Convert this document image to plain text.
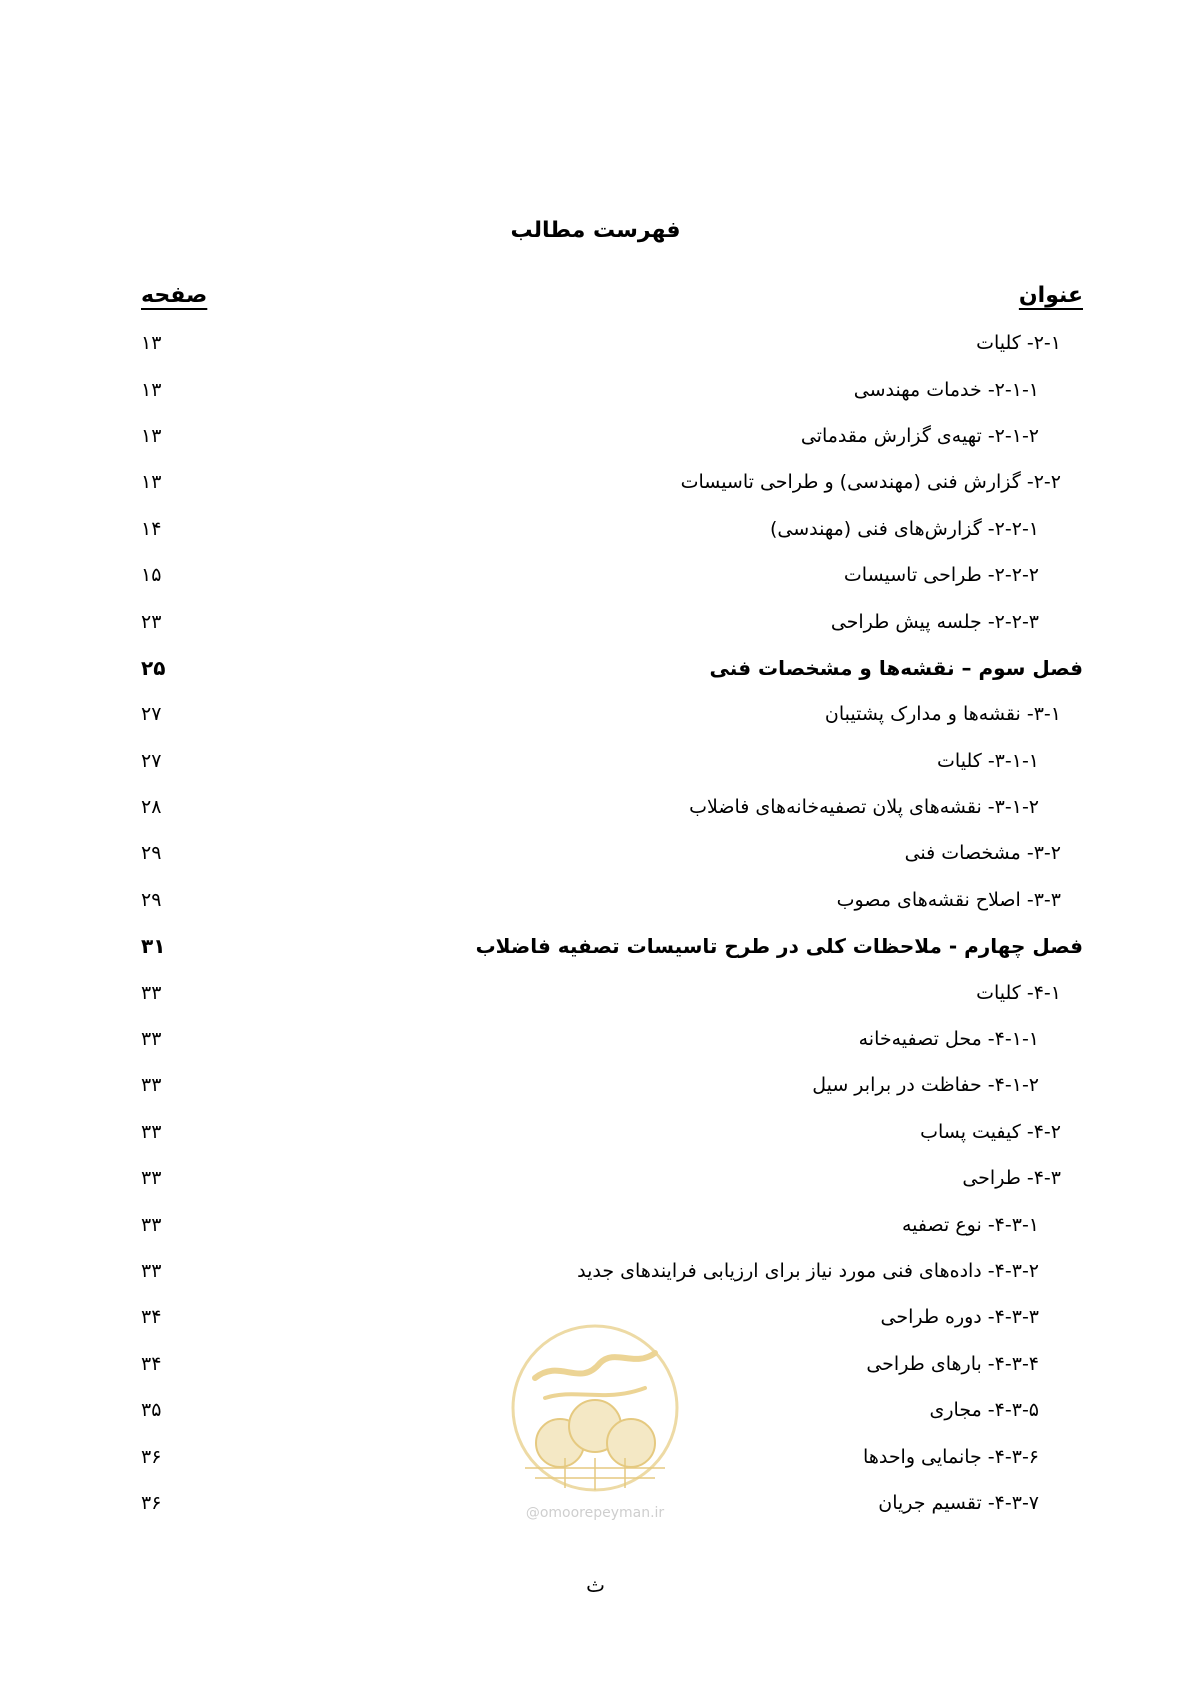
فهرست مطالب
عنوان
صفحه
۲-۱- کلیات
۱۳
۲-۱-۱- خدمات مهندسی
۱۳
۲-۱-۲- تهیه‌ی گزارش مقدماتی
۱۳
۲-۲- گزارش فنی (مهندسی) و طراحی تاسیسات
۱۳
۲-۲-۱- گزارش‌های فنی (مهندسی)
۱۴
۲-۲-۲- طراحی تاسیسات
۱۵
۲-۲-۳- جلسه پیش طراحی
۲۳
فصل سوم – نقشه‌ها و مشخصات فنی
۲۵
۳-۱- نقشه‌ها و مدارک پشتیبان
۲۷
۳-۱-۱- کلیات
۲۷
۳-۱-۲- نقشه‌های پلان تصفیه‌خانه‌های فاضلاب
۲۸
۳-۲- مشخصات فنی
۲۹
۳-۳- اصلاح نقشه‌های مصوب
۲۹
فصل چهارم - ملاحظات کلی در طرح تاسیسات تصفیه فاضلاب
۳۱
۴-۱- کلیات
۳۳
۴-۱-۱- محل تصفیه‌خانه
۳۳
۴-۱-۲- حفاظت در برابر سیل
۳۳
۴-۲- کیفیت پساب
۳۳
۴-۳- طراحی
۳۳
۴-۳-۱- نوع تصفیه
۳۳
۴-۳-۲- داده‌های فنی مورد نیاز برای ارزیابی فرایندهای جدید
۳۳
۴-۳-۳- دوره طراحی
۳۴
۴-۳-۴- بارهای طراحی
۳۴
۴-۳-۵- مجاری
۳۵
۴-۳-۶- جانمایی واحدها
۳۶
۴-۳-۷- تقسیم جریان
۳۶	@omoorepeyman.ir
ث
